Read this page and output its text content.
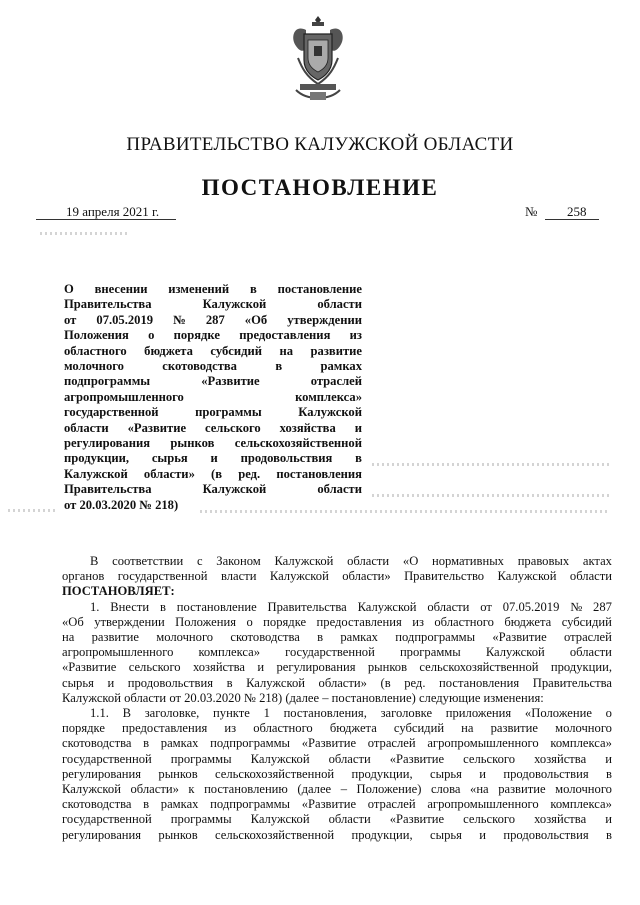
ПРАВИТЕЛЬСТВО КАЛУЖСКОЙ ОБЛАСТИ
ПОСТАНОВЛЕНИЕ
19 апреля 2021 г.	№ 258
О внесении изменений в постановление
Правительства	Калужской	области
от 07.05.2019 № 287 «Об утверждении
Положения о порядке предоставления из
областного бюджета субсидий на развитие
молочного	скотоводства	в	рамках
подпрограммы	«Развитие	отраслей
агропромышленного	комплекса»
государственной	программы	Калужской
области «Развитие сельского хозяйства и
регулирования рынков сельскохозяйственной
продукции, сырья и продовольствия в
Калужской области» (в ред. постановления
Правительства	Калужской	области
от 20.03.2020 № 218)
В соответствии с Законом Калужской области «О нормативных правовых актах
органов государственной власти Калужской области» Правительство Калужской области
ПОСТАНОВЛЯЕТ:
1. Внести в постановление Правительства Калужской области от 07.05.2019 № 287
«Об утверждении Положения о порядке предоставления из областного бюджета субсидий
на развитие молочного скотоводства в рамках подпрограммы «Развитие отраслей
агропромышленного комплекса» государственной программы Калужской области
«Развитие сельского хозяйства и регулирования рынков сельскохозяйственной продукции,
сырья и продовольствия в Калужской области» (в ред. постановления Правительства
Калужской области от 20.03.2020 № 218) (далее – постановление) следующие изменения:
1.1. В заголовке, пункте 1 постановления, заголовке приложения «Положение о
порядке предоставления из областного бюджета субсидий на развитие молочного
скотоводства в рамках подпрограммы «Развитие отраслей агропромышленного комплекса»
государственной программы Калужской области «Развитие сельского хозяйства и
регулирования рынков сельскохозяйственной продукции, сырья и продовольствия в
Калужской области» к постановлению (далее – Положение) слова «на развитие молочного
скотоводства в рамках подпрограммы «Развитие отраслей агропромышленного комплекса»
государственной программы Калужской области «Развитие сельского хозяйства и
регулирования рынков сельскохозяйственной продукции, сырья и продовольствия в
